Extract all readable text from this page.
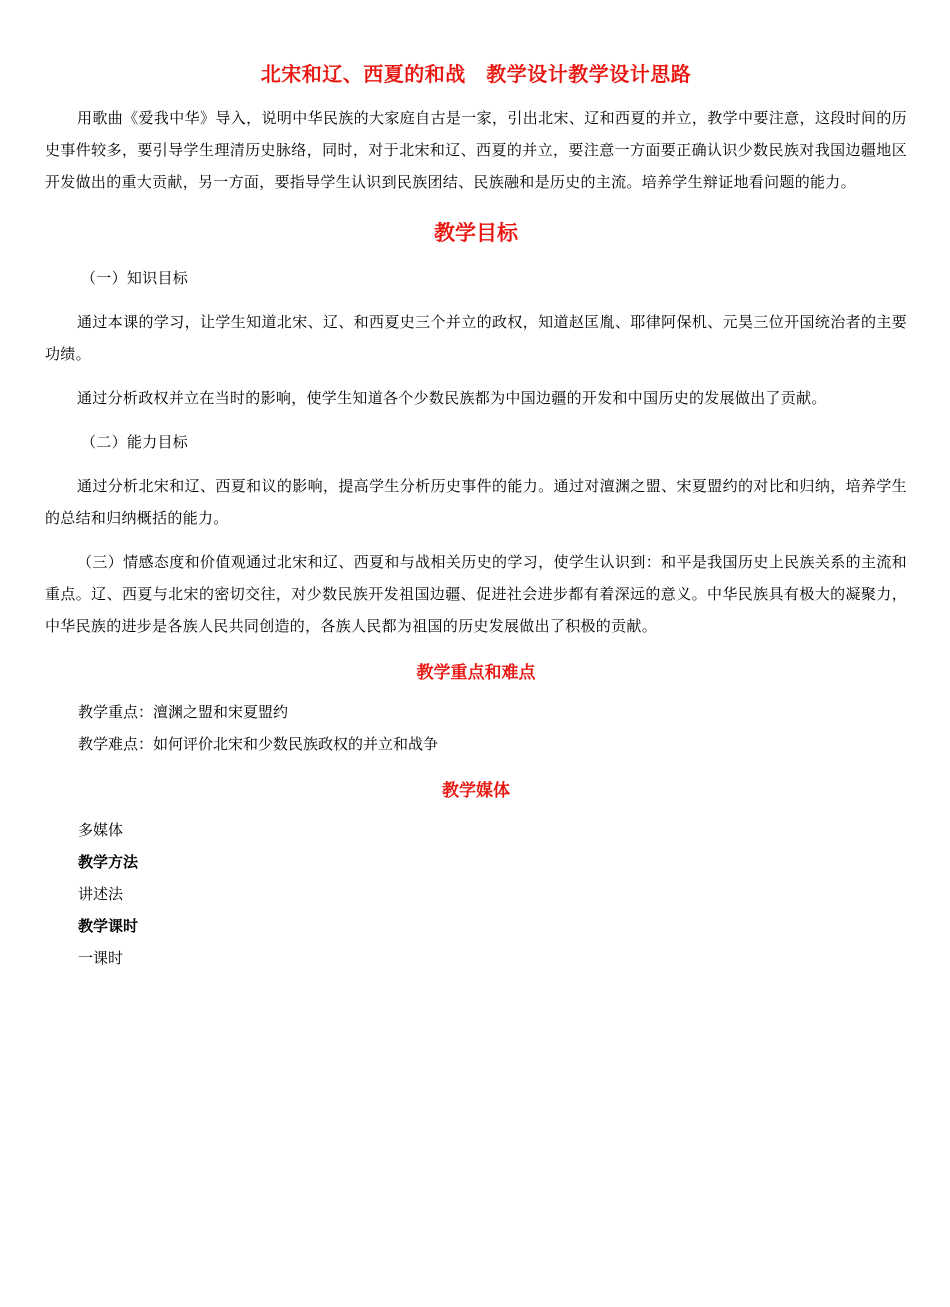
北宋和辽、西夏的和战　教学设计教学设计思路

用歌曲《爱我中华》导入，说明中华民族的大家庭自古是一家，引出北宋、辽和西夏的并立，教学中要注意，这段时间的历史事件较多，要引导学生理清历史脉络，同时，对于北宋和辽、西夏的并立，要注意一方面要正确认识少数民族对我国边疆地区开发做出的重大贡献，另一方面，要指导学生认识到民族团结、民族融和是历史的主流。培养学生辩证地看问题的能力。

教学目标

（一）知识目标

通过本课的学习，让学生知道北宋、辽、和西夏史三个并立的政权，知道赵匡胤、耶律阿保机、元昊三位开国统治者的主要功绩。

通过分析政权并立在当时的影响，使学生知道各个少数民族都为中国边疆的开发和中国历史的发展做出了贡献。

（二）能力目标

通过分析北宋和辽、西夏和议的影响，提高学生分析历史事件的能力。通过对澶渊之盟、宋夏盟约的对比和归纳，培养学生的总结和归纳概括的能力。

（三）情感态度和价值观通过北宋和辽、西夏和与战相关历史的学习，使学生认识到：和平是我国历史上民族关系的主流和重点。辽、西夏与北宋的密切交往，对少数民族开发祖国边疆、促进社会进步都有着深远的意义。中华民族具有极大的凝聚力，中华民族的进步是各族人民共同创造的，各族人民都为祖国的历史发展做出了积极的贡献。

教学重点和难点

教学重点：澶渊之盟和宋夏盟约

教学难点：如何评价北宋和少数民族政权的并立和战争

教学媒体

多媒体

教学方法

讲述法

教学课时

一课时
